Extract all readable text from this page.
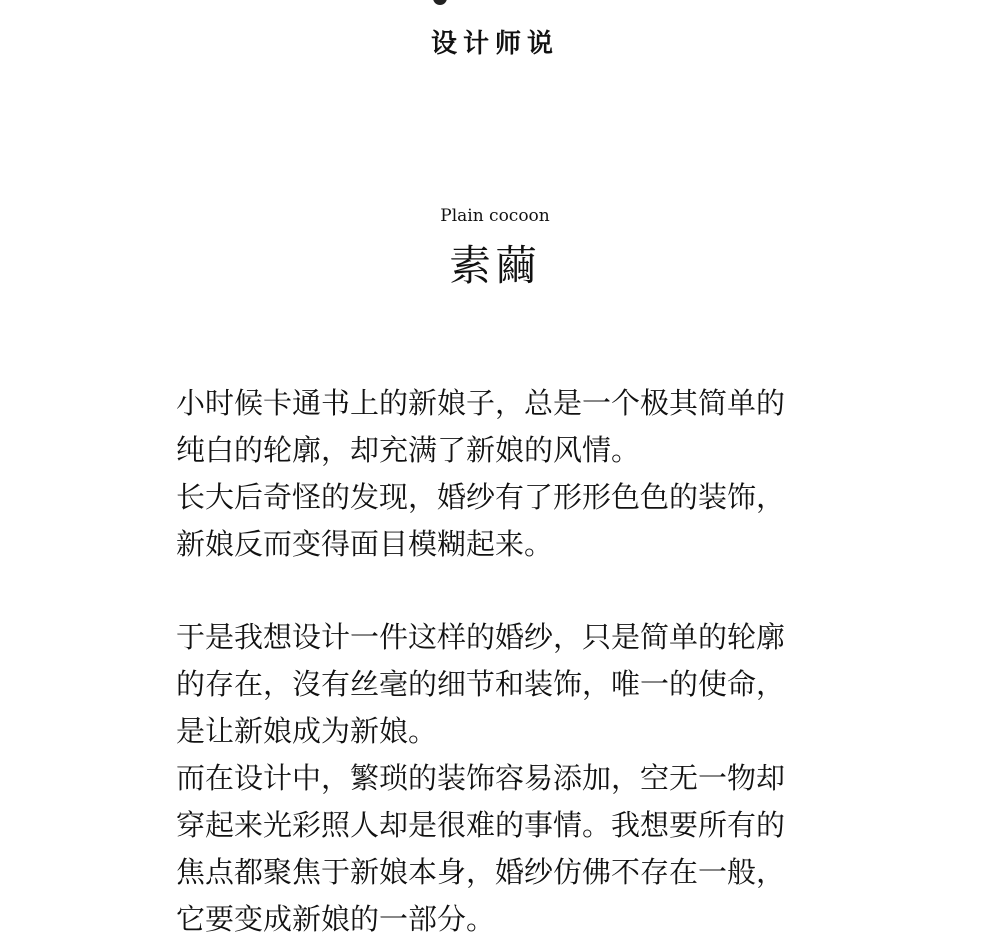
设计师说
Plain cocoon
素繭
小时候卡通书上的新娘子，总是一个极其简单的
纯白的轮廓，却充满了新娘的风情。
长大后奇怪的发现，婚纱有了形形色色的装饰，
新娘反而变得面目模糊起来。
于是我想设计一件这样的婚纱，只是简单的轮廓
的存在，沒有丝毫的细节和装饰，唯一的使命，
是让新娘成为新娘。
而在设计中，繁琐的装饰容易添加，空无一物却
穿起来光彩照人却是很难的事情。我想要所有的
焦点都聚焦于新娘本身，婚纱仿佛不存在一般，
它要变成新娘的一部分。
